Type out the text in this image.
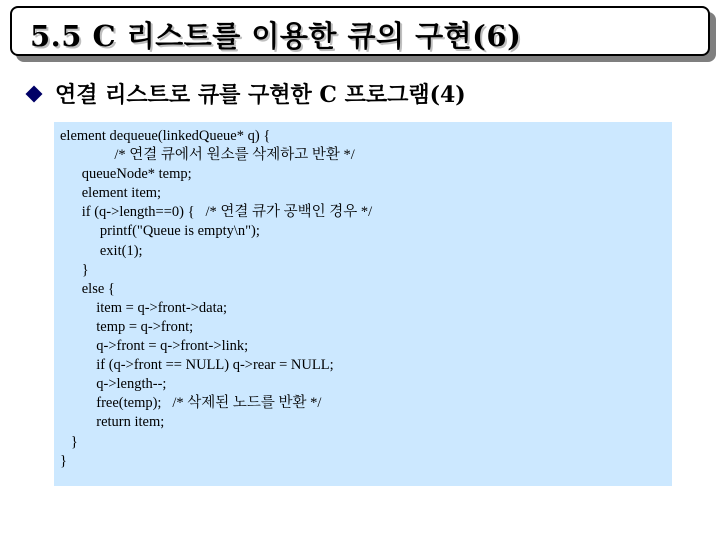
5.5 C 리스트를 이용한 큐의 구현(6)
연결 리스트로 큐를 구현한 C 프로그램(4)
element dequeue(linkedQueue* q) {
/* 연결 큐에서 원소를 삭제하고 반환 */
queueNode* temp;
element item;
if (q->length==0) {   /* 연결 큐가 공백인 경우 */
printf("Queue is empty\n");
exit(1);
}
else {
item = q->front->data;
temp = q->front;
q->front = q->front->link;
if (q->front == NULL) q->rear = NULL;
q->length--;
free(temp);   /* 삭제된 노드를 반환 */
return item;
}
}
